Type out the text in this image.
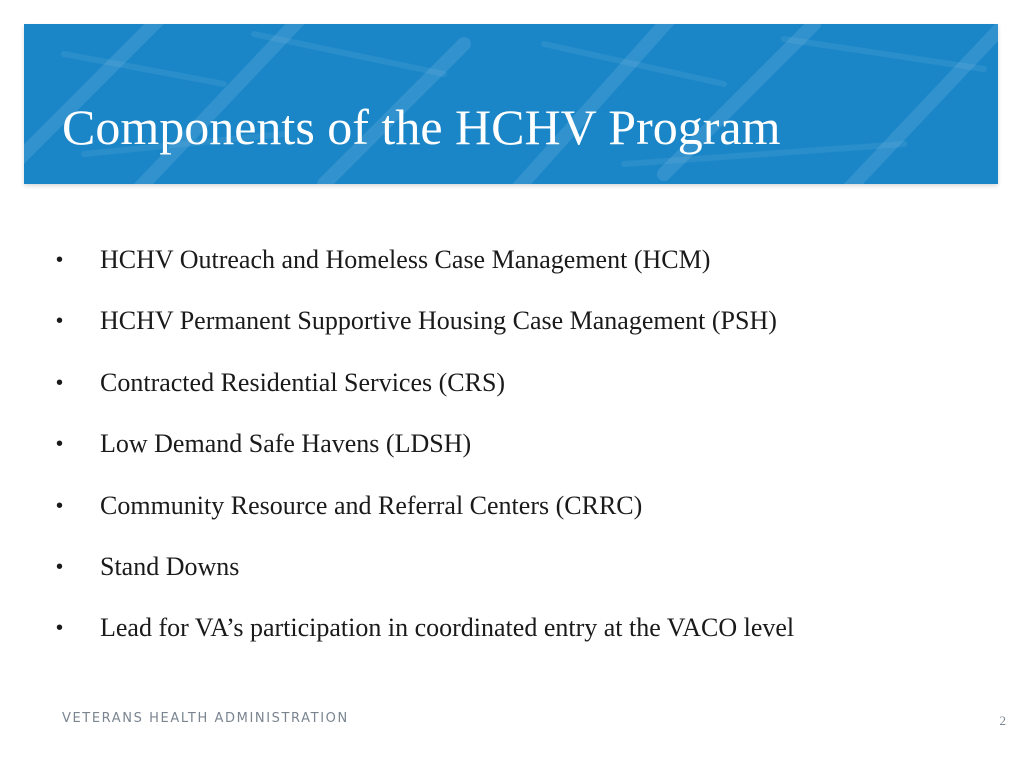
Components of the HCHV Program
• HCHV Outreach and Homeless Case Management (HCM)
• HCHV Permanent Supportive Housing Case Management (PSH)
• Contracted Residential Services (CRS)
• Low Demand Safe Havens (LDSH)
• Community Resource and Referral Centers (CRRC)
• Stand Downs
• Lead for VA’s participation in coordinated entry at the VACO level
VETERANS HEALTH ADMINISTRATION	2
